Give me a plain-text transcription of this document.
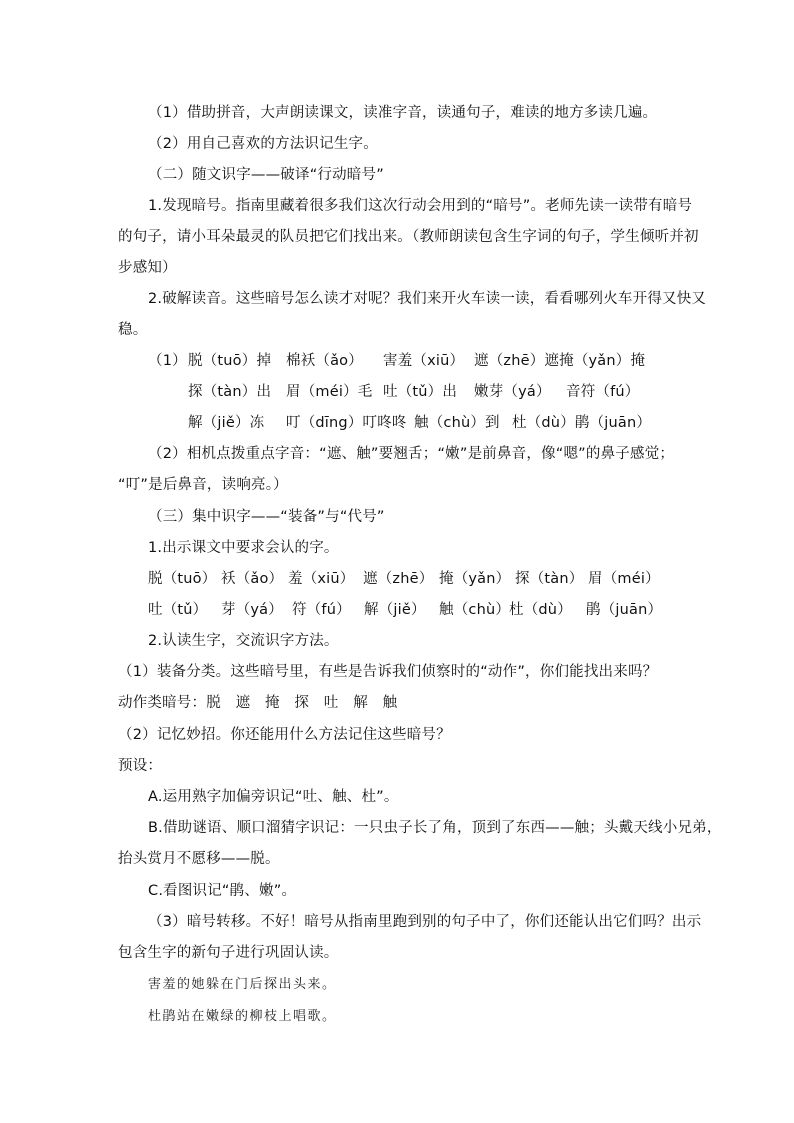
（1）借助拼音，大声朗读课文，读准字音，读通句子，难读的地方多读几遍。
（2）用自己喜欢的方法识记生字。
（二）随文识字——破译“行动暗号”
1.发现暗号。指南里藏着很多我们这次行动会用到的“暗号”。老师先读一读带有暗号
的句子，请小耳朵最灵的队员把它们找出来。（教师朗读包含生字词的句子，学生倾听并初
步感知）
2.破解读音。这些暗号怎么读才对呢？我们来开火车读一读，看看哪列火车开得又快又
稳。
（1） 脱（tuō）掉 棉袄（ǎo） 害羞（xiū） 遮（zhē）遮掩（yǎn）掩
探（tàn）出 眉（méi）毛 吐（tǔ）出 嫩芽（yá） 音符（fú）
解（jiě）冻 叮（dīng）叮咚咚 触（chù）到 杜（dù）鹃（juān）
（2）相机点拨重点字音：“遮、触”要翘舌；“嫩”是前鼻音，像“嗯”的鼻子感觉；
“叮”是后鼻音，读响亮。）
（三）集中识字——“装备”与“代号”
1.出示课文中要求会认的字。
脱（tuō） 袄（ǎo） 羞（xiū） 遮（zhē） 掩（yǎn） 探（tàn） 眉（méi）
吐（tǔ） 芽（yá） 符（fú） 解（jiě） 触（chù）
杜（dù） 鹃（juān）
2.认读生字，交流识字方法。
（1）装备分类。这些暗号里，有些是告诉我们侦察时的“动作”，你们能找出来吗？
动作类暗号：脱　遮　掩　探　吐　解　触
（2）记忆妙招。你还能用什么方法记住这些暗号？
预设：
A.运用熟字加偏旁识记“吐、触、杜”。
B.借助谜语、顺口溜猜字识记：一只虫子长了角，顶到了东西——触；头戴天线小兄弟，
抬头赏月不愿移——脱。
C.看图识记“鹃、嫩”。
（3）暗号转移。不好！暗号从指南里跑到别的句子中了，你们还能认出它们吗？出示
包含生字的新句子进行巩固认读。
害羞的她躲在门后探出头来。
杜鹃站在嫩绿的柳枝上唱歌。
